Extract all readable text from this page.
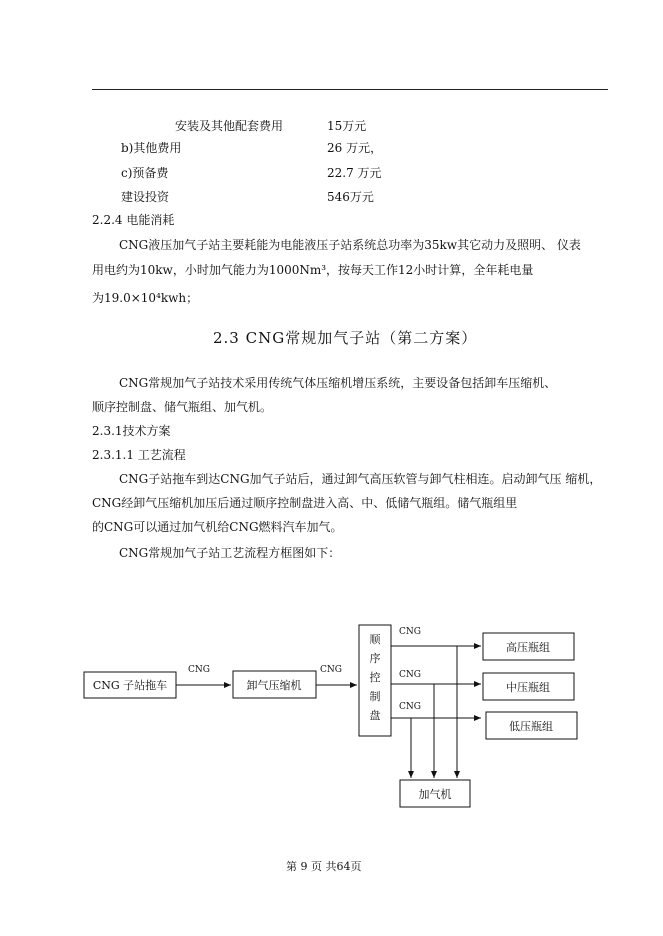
安装及其他配套费用	15万元
b)其他费用	26 万元，
c)预备费	22.7 万元
建设投资	546万元
2.2.4 电能消耗
CNG液压加气子站主要耗能为电能液压子站系统总功率为35kw其它动力及照明、 仪表
用电约为10kw，小时加气能力为1000Nm³，按每天工作12小时计算，全年耗电量
为19.0×10⁴kwh；
2.3 CNG常规加气子站（第二方案）
CNG常规加气子站技术采用传统气体压缩机增压系统，主要设备包括卸车压缩机、
顺序控制盘、储气瓶组、加气机。
2.3.1技术方案
2.3.1.1 工艺流程
CNG子站拖车到达CNG加气子站后，通过卸气高压软管与卸气柱相连。启动卸气压 缩机，
CNG经卸气压缩机加压后通过顺序控制盘进入高、中、低储气瓶组。储气瓶组里
的CNG可以通过加气机给CNG燃料汽车加气。
CNG常规加气子站工艺流程方框图如下：
CNG 子站拖车
CNG
卸气压缩机
CNG
顺
序
控
制
盘
CNG
CNG
CNG
高压瓶组
中压瓶组
低压瓶组
加气机
第 9 页 共64页
